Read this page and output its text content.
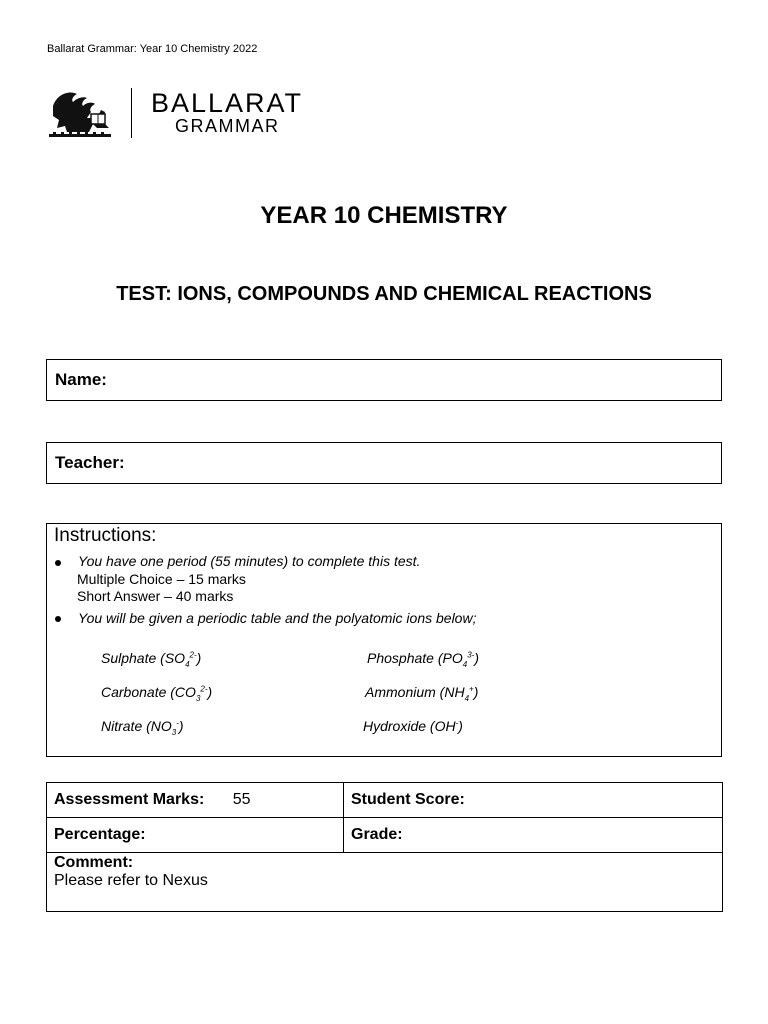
Ballarat Grammar: Year 10 Chemistry 2022
BALLARAT
GRAMMAR
YEAR 10 CHEMISTRY
TEST: IONS, COMPOUNDS AND CHEMICAL REACTIONS
Name:
Teacher:
Instructions:
You have one period (55 minutes) to complete this test.
Multiple Choice – 15 marks
Short Answer – 40 marks
You will be given a periodic table and the polyatomic ions below;
Sulphate $(SO_4^{2-})$	Phosphate $(PO_4^{3-})$
Carbonate $(CO_3^{2-})$	Ammonium $(NH_4^+)$
Nitrate $(NO_3^-)$	Hydroxide (OH-)
Assessment Marks: 55	Student Score:
Percentage:	Grade:

Comment:
Please refer to Nexus	
